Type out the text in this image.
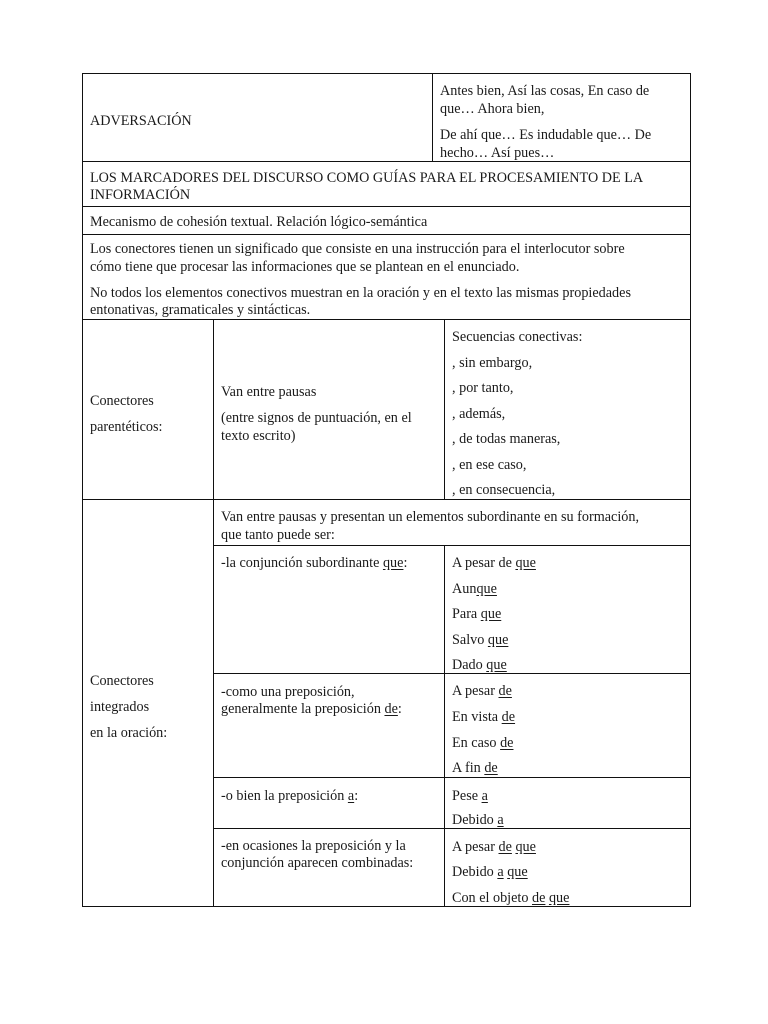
ADVERSACIÓN
Antes bien, Así las cosas, En caso de
que… Ahora bien,
De ahí que… Es indudable que… De
hecho… Así pues…
LOS MARCADORES DEL DISCURSO COMO GUÍAS PARA EL PROCESAMIENTO DE LA
INFORMACIÓN
Mecanismo de cohesión textual. Relación lógico-semántica
Los conectores tienen un significado que consiste en una instrucción para el interlocutor sobre
cómo tiene que procesar las informaciones que se plantean en el enunciado.
No todos los elementos conectivos muestran en la oración y en el texto las mismas propiedades
entonativas, gramaticales y sintácticas.
Conectores
parentéticos:
Van entre pausas
(entre signos de puntuación, en el
texto escrito)
Secuencias conectivas:
, sin embargo,
, por tanto,
, además,
, de todas maneras,
, en ese caso,
, en consecuencia,
Conectores
integrados
en la oración:
Van entre pausas y presentan un elementos subordinante en su formación,
que tanto puede ser:
-la conjunción subordinante que:	A pesar de que
Aunque
Para que
Salvo que
Dado que
-como una preposición,
generalmente la preposición de:
A pesar de
En vista de
En caso de
A fin de
-o bien la preposición a:	Pese a
Debido a
-en ocasiones la preposición y la
conjunción aparecen combinadas:
A pesar de que
Debido a que
Con el objeto de que
